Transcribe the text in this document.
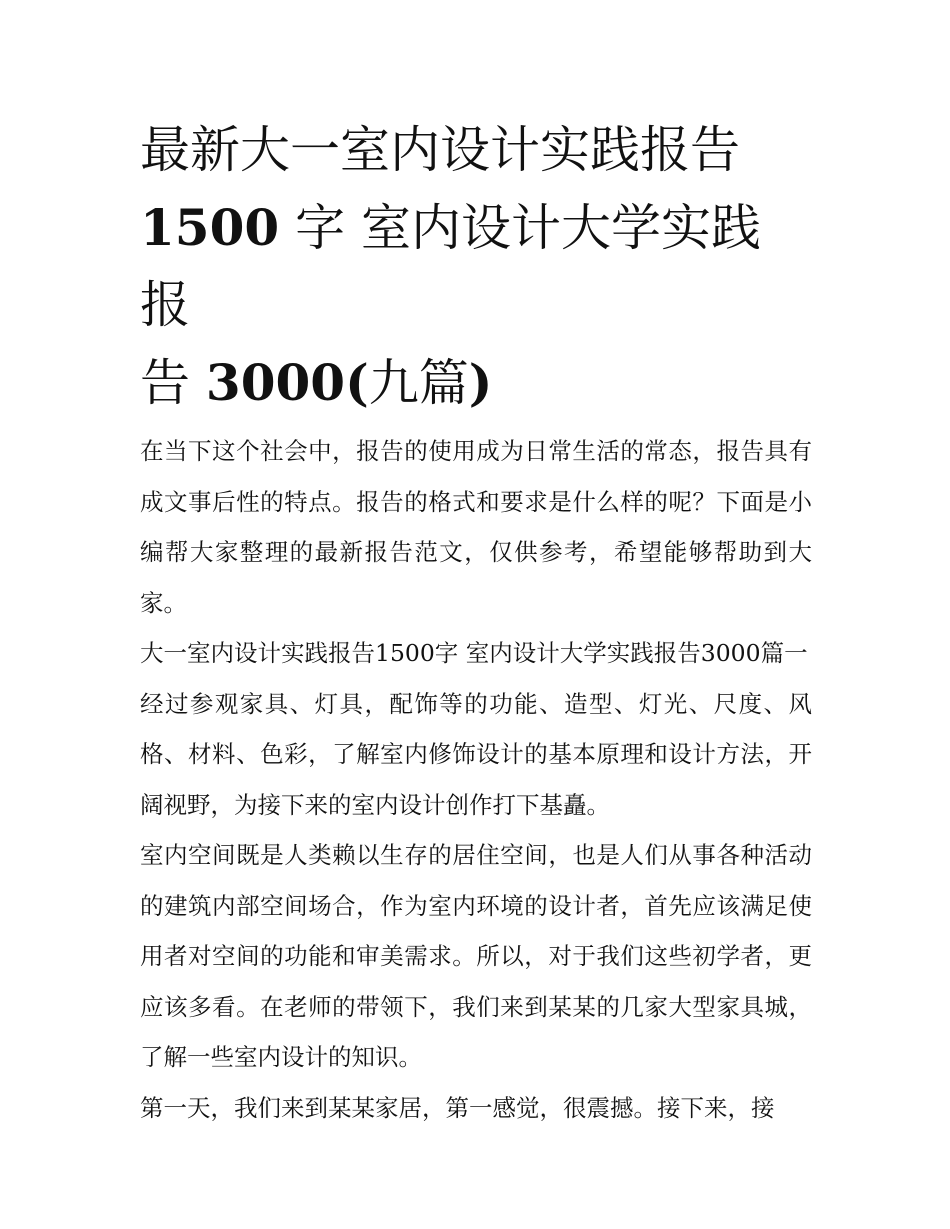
最新大一室内设计实践报告
1500 字 室内设计大学实践报
告 3000(九篇)

在当下这个社会中，报告的使用成为日常生活的常态，报告具有成文事后性的特点。报告的格式和要求是什么样的呢？下面是小编帮大家整理的最新报告范文，仅供参考，希望能够帮助到大家。

大一室内设计实践报告1500字 室内设计大学实践报告3000篇一

经过参观家具、灯具，配饰等的功能、造型、灯光、尺度、风格、材料、色彩，了解室内修饰设计的基本原理和设计方法，开阔视野，为接下来的室内设计创作打下基矗。

室内空间既是人类赖以生存的居住空间，也是人们从事各种活动的建筑内部空间场合，作为室内环境的设计者，首先应该满足使用者对空间的功能和审美需求。所以，对于我们这些初学者，更应该多看。在老师的带领下，我们来到某某的几家大型家具城，了解一些室内设计的知识。

第一天，我们来到某某家居，第一感觉，很震撼。接下来，接
